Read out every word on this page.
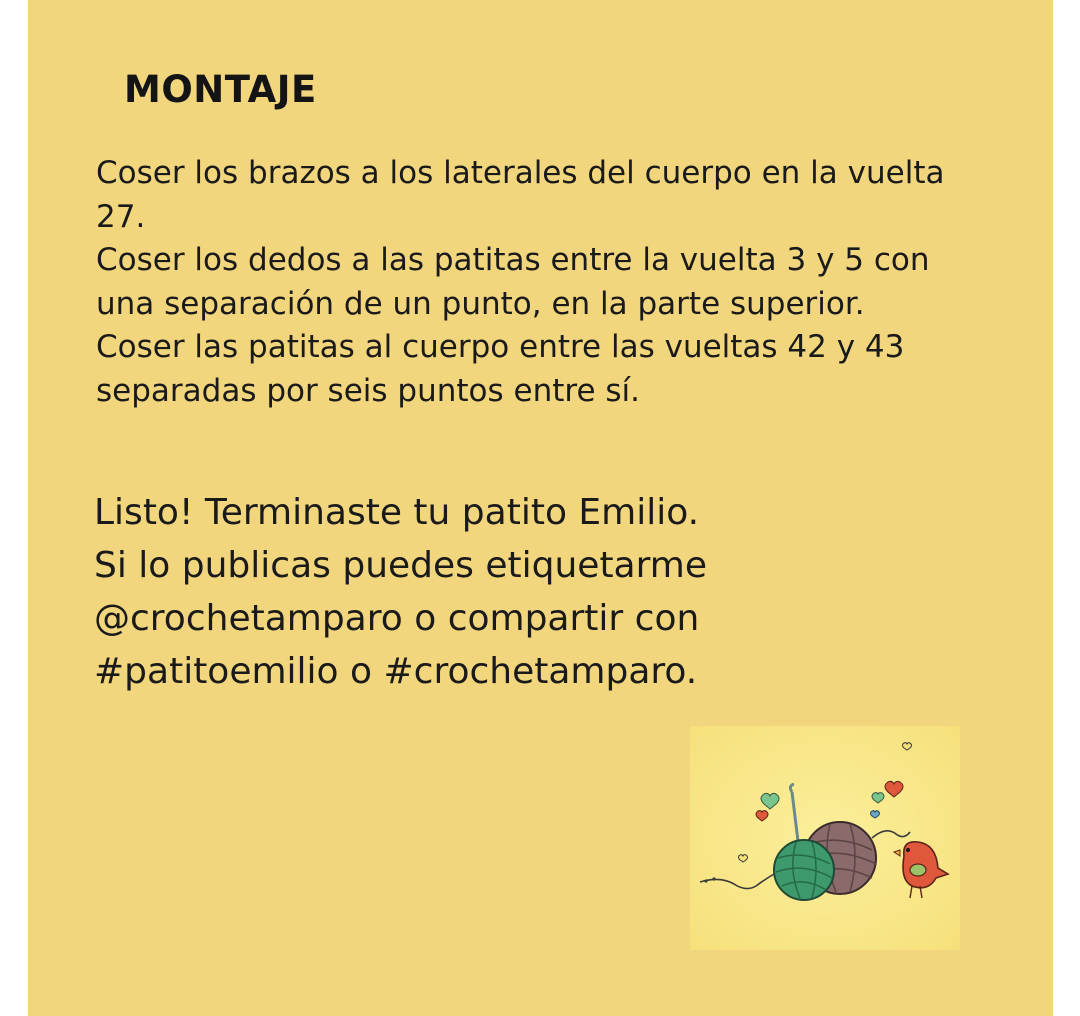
MONTAJE

Coser los brazos a los laterales del cuerpo en la vuelta
27.
Coser los dedos a las patitas entre la vuelta 3 y 5 con
una separación de un punto, en la parte superior.
Coser las patitas al cuerpo entre las vueltas 42 y 43
separadas por seis puntos entre sí.

Listo! Terminaste tu patito Emilio.
Si lo publicas puedes etiquetarme
@crochetamparo o compartir con
#patitoemilio o #crochetamparo.
